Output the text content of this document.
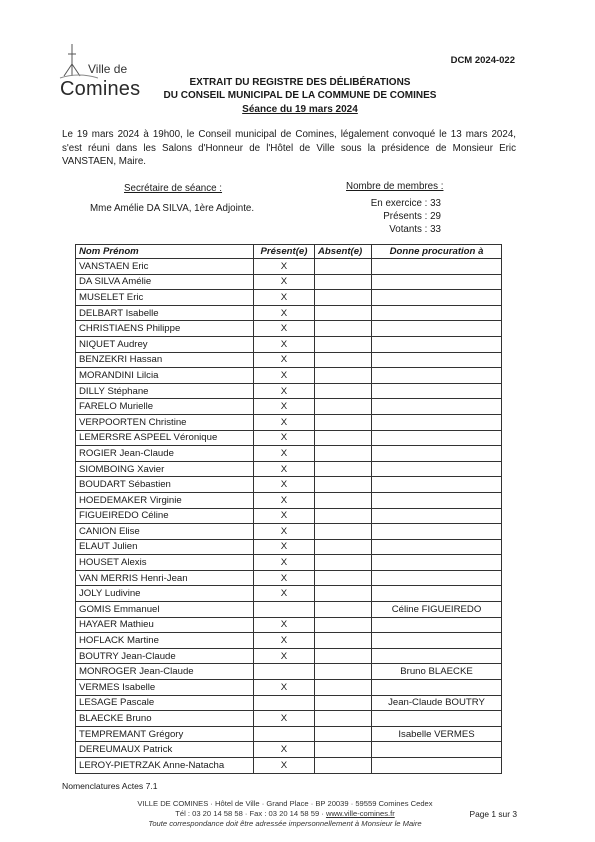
Ville de
Comines
DCM 2024-022
EXTRAIT DU REGISTRE DES DÉLIBÉRATIONS
DU CONSEIL MUNICIPAL DE LA COMMUNE DE COMINES
Séance du 19 mars 2024
Le 19 mars 2024 à 19h00, le Conseil municipal de Comines, légalement convoqué le 13 mars 2024, s'est réuni dans les Salons d'Honneur de l'Hôtel de Ville sous la présidence de Monsieur Eric VANSTAEN, Maire.
Secrétaire de séance :
Mme Amélie DA SILVA, 1ère Adjointe.
Nombre de membres :
En exercice : 33
Présents : 29
Votants : 33
Nom Prénom	Présent(e)	Absent(e)	Donne procuration à
VANSTAEN Eric	X		
DA SILVA Amélie	X		
MUSELET Eric	X		
DELBART Isabelle	X		
CHRISTIAENS Philippe	X		
NIQUET Audrey	X		
BENZEKRI Hassan	X		
MORANDINI Lilcia	X		
DILLY Stéphane	X		
FARELO Murielle	X		
VERPOORTEN Christine	X		
LEMERSRE ASPEEL Véronique	X		
ROGIER Jean-Claude	X		
SIOMBOING Xavier	X		
BOUDART Sébastien	X		
HOEDEMAKER Virginie	X		
FIGUEIREDO Céline	X		
CANION Elise	X		
ELAUT Julien	X		
HOUSET Alexis	X		
VAN MERRIS Henri-Jean	X		
JOLY Ludivine	X		
GOMIS Emmanuel			Céline FIGUEIREDO
HAYAER Mathieu	X		
HOFLACK Martine	X		
BOUTRY Jean-Claude	X		
MONROGER Jean-Claude			Bruno BLAECKE
VERMES Isabelle	X		
LESAGE Pascale			Jean-Claude BOUTRY
BLAECKE Bruno	X		
TEMPREMANT Grégory			Isabelle VERMES
DEREUMAUX Patrick	X		
LEROY-PIETRZAK Anne-Natacha	X		
Nomenclatures Actes 7.1
VILLE DE COMINES · Hôtel de Ville · Grand Place · BP 20039 · 59559 Comines Cedex
Tél : 03 20 14 58 58 · Fax : 03 20 14 58 59 · www.ville-comines.fr
Toute correspondance doit être adressée impersonnellement à Monsieur le Maire
Page 1 sur 3
